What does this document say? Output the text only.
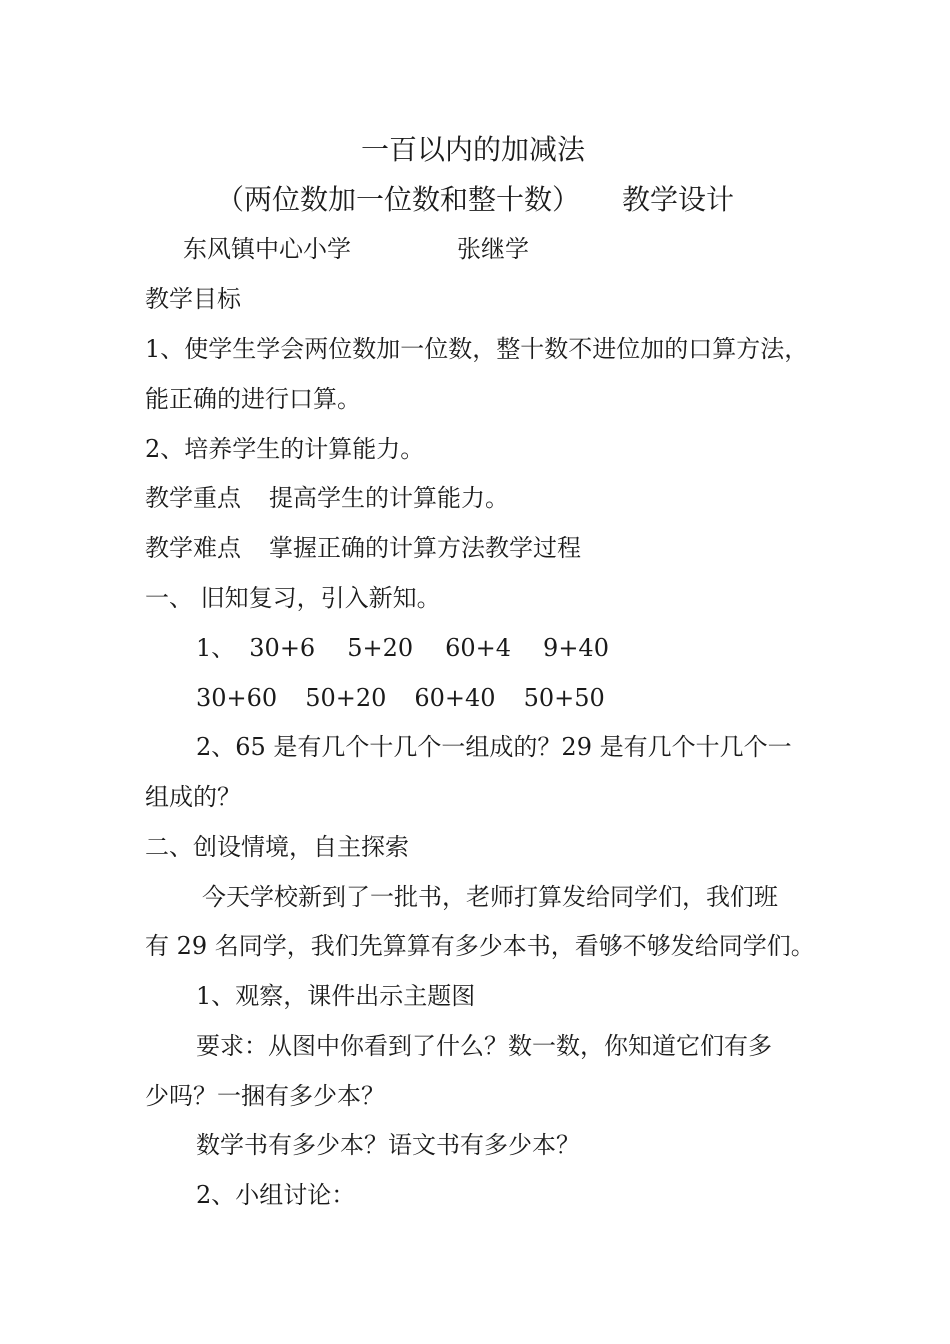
一百以内的加减法
（两位数加一位数和整十数） 教学设计
东风镇中心小学	张继学
教学目标
1、使学生学会两位数加一位数，整十数不进位加的口算方法，
能正确的进行口算。
2、培养学生的计算能力。
教学重点 提高学生的计算能力。
教学难点 掌握正确的计算方法教学过程
一、 旧知复习，引入新知。
1、 30+6 5+20 60+4 9+40
30+60 50+20 60+40 50+50
2、65 是有几个十几个一组成的？29 是有几个十几个一
组成的？
二、创设情境，自主探索
今天学校新到了一批书，老师打算发给同学们，我们班
有 29 名同学，我们先算算有多少本书，看够不够发给同学们。
1、观察，课件出示主题图
要求：从图中你看到了什么？数一数，你知道它们有多
少吗？一捆有多少本？
数学书有多少本？语文书有多少本？
2、小组讨论：
